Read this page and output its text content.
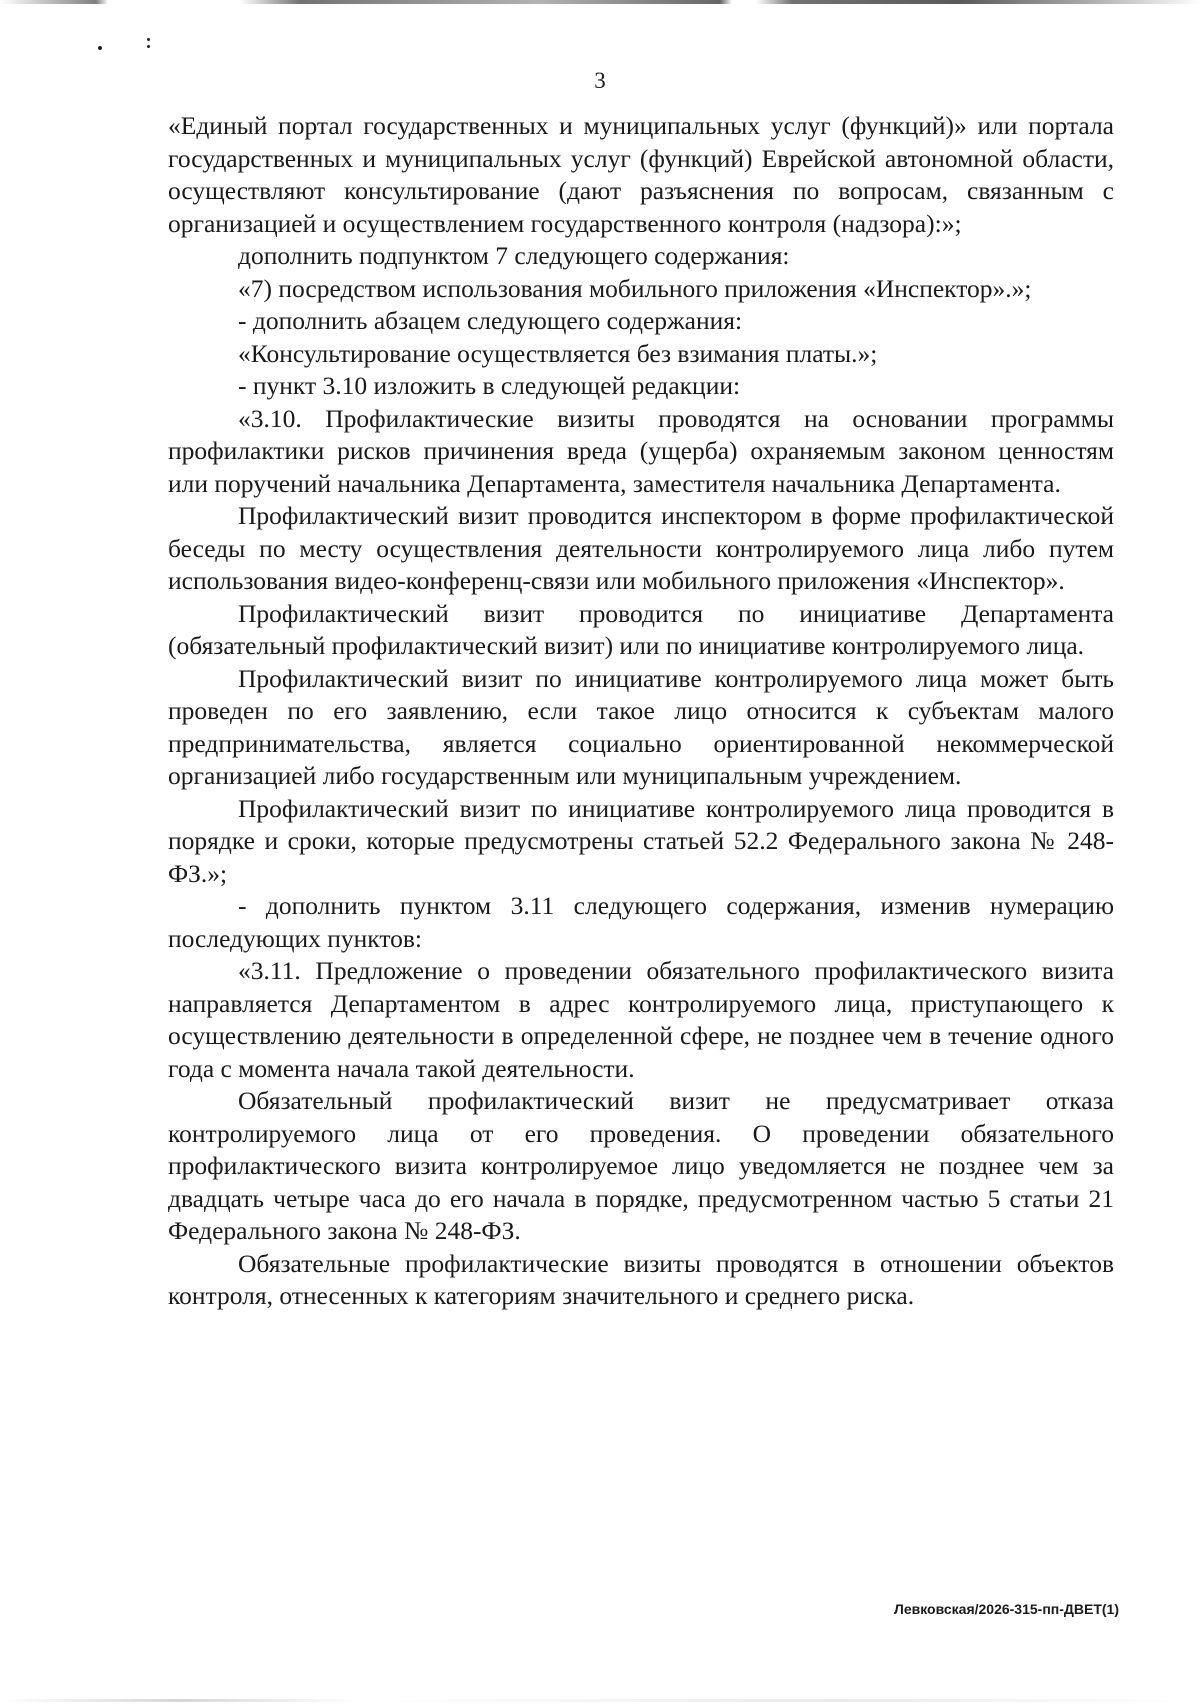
3

«Единый портал государственных и муниципальных услуг (функций)» или портала государственных и муниципальных услуг (функций) Еврейской автономной области, осуществляют консультирование (дают разъяснения по вопросам, связанным с организацией и осуществлением государственного контроля (надзора):»;

дополнить подпунктом 7 следующего содержания:

«7) посредством использования мобильного приложения «Инспектор».»;

- дополнить абзацем следующего содержания:

«Консультирование осуществляется без взимания платы.»;

- пункт 3.10 изложить в следующей редакции:

«3.10. Профилактические визиты проводятся на основании программы профилактики рисков причинения вреда (ущерба) охраняемым законом ценностям или поручений начальника Департамента, заместителя начальника Департамента.

Профилактический визит проводится инспектором в форме профилактической беседы по месту осуществления деятельности контролируемого лица либо путем использования видео-конференц-связи или мобильного приложения «Инспектор».

Профилактический визит проводится по инициативе Департамента (обязательный профилактический визит) или по инициативе контролируемого лица.

Профилактический визит по инициативе контролируемого лица может быть проведен по его заявлению, если такое лицо относится к субъектам малого предпринимательства, является социально ориентированной некоммерческой организацией либо государственным или муниципальным учреждением.

Профилактический визит по инициативе контролируемого лица проводится в порядке и сроки, которые предусмотрены статьей 52.2 Федерального закона № 248-ФЗ.»;

- дополнить пунктом 3.11 следующего содержания, изменив нумерацию последующих пунктов:

«3.11. Предложение о проведении обязательного профилактического визита направляется Департаментом в адрес контролируемого лица, приступающего к осуществлению деятельности в определенной сфере, не позднее чем в течение одного года с момента начала такой деятельности.

Обязательный профилактический визит не предусматривает отказа контролируемого лица от его проведения. О проведении обязательного профилактического визита контролируемое лицо уведомляется не позднее чем за двадцать четыре часа до его начала в порядке, предусмотренном частью 5 статьи 21 Федерального закона № 248-ФЗ.

Обязательные профилактические визиты проводятся в отношении объектов контроля, отнесенных к категориям значительного и среднего риска.

Левковская/2026-315-пп-ДВЕТ(1)
